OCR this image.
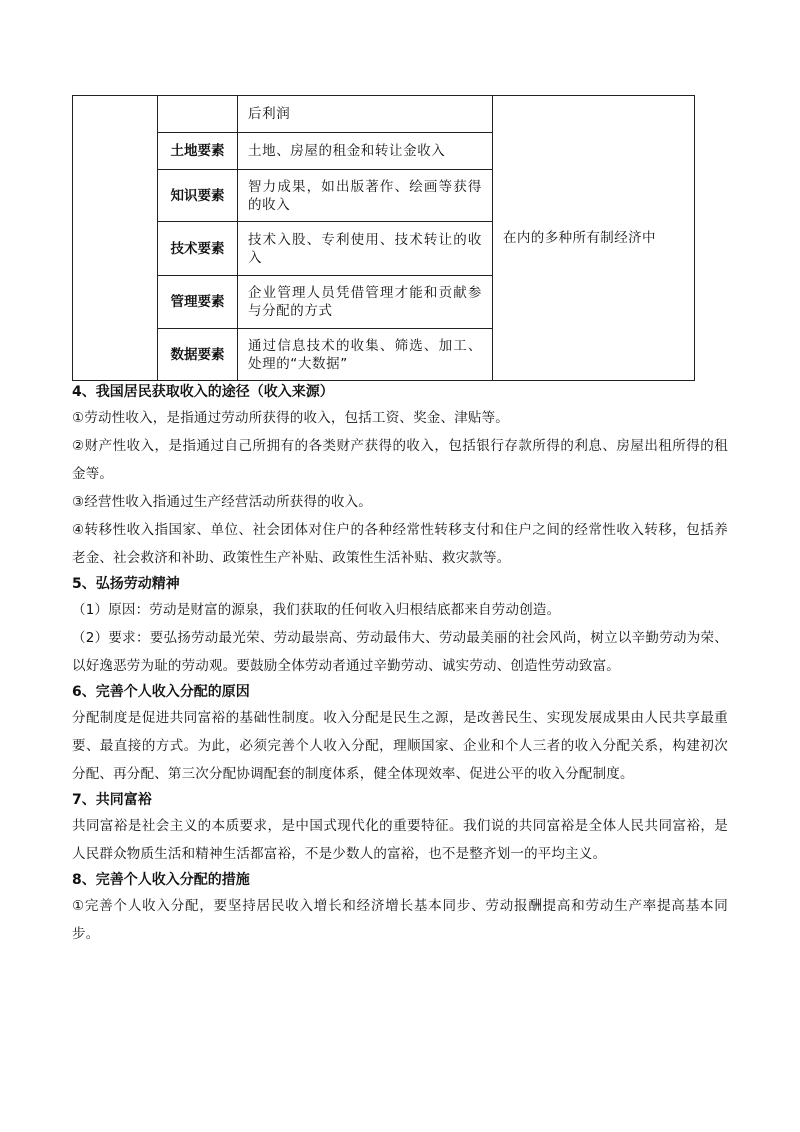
		后利润	在内的多种所有制经济中
	土地要素	土地、房屋的租金和转让金收入	
	知识要素	智力成果，如出版著作、绘画等获得的收入	
	技术要素	技术入股、专利使用、技术转让的收入	
	管理要素	企业管理人员凭借管理才能和贡献参与分配的方式	
	数据要素	通过信息技术的收集、筛选、加工、处理的“大数据”	

4、我国居民获取收入的途径（收入来源）

①劳动性收入，是指通过劳动所获得的收入，包括工资、奖金、津贴等。

②财产性收入，是指通过自己所拥有的各类财产获得的收入，包括银行存款所得的利息、房屋出租所得的租金等。

③经营性收入指通过生产经营活动所获得的收入。

④转移性收入指国家、单位、社会团体对住户的各种经常性转移支付和住户之间的经常性收入转移，包括养老金、社会救济和补助、政策性生产补贴、政策性生活补贴、救灾款等。

5、弘扬劳动精神

（1）原因：劳动是财富的源泉，我们获取的任何收入归根结底都来自劳动创造。

（2）要求：要弘扬劳动最光荣、劳动最崇高、劳动最伟大、劳动最美丽的社会风尚，树立以辛勤劳动为荣、以好逸恶劳为耻的劳动观。要鼓励全体劳动者通过辛勤劳动、诚实劳动、创造性劳动致富。

6、完善个人收入分配的原因

分配制度是促进共同富裕的基础性制度。收入分配是民生之源，是改善民生、实现发展成果由人民共享最重要、最直接的方式。为此，必须完善个人收入分配，理顺国家、企业和个人三者的收入分配关系，构建初次分配、再分配、第三次分配协调配套的制度体系，健全体现效率、促进公平的收入分配制度。

7、共同富裕

共同富裕是社会主义的本质要求，是中国式现代化的重要特征。我们说的共同富裕是全体人民共同富裕，是人民群众物质生活和精神生活都富裕，不是少数人的富裕，也不是整齐划一的平均主义。

8、完善个人收入分配的措施

①完善个人收入分配，要坚持居民收入增长和经济增长基本同步、劳动报酬提高和劳动生产率提高基本同步。
